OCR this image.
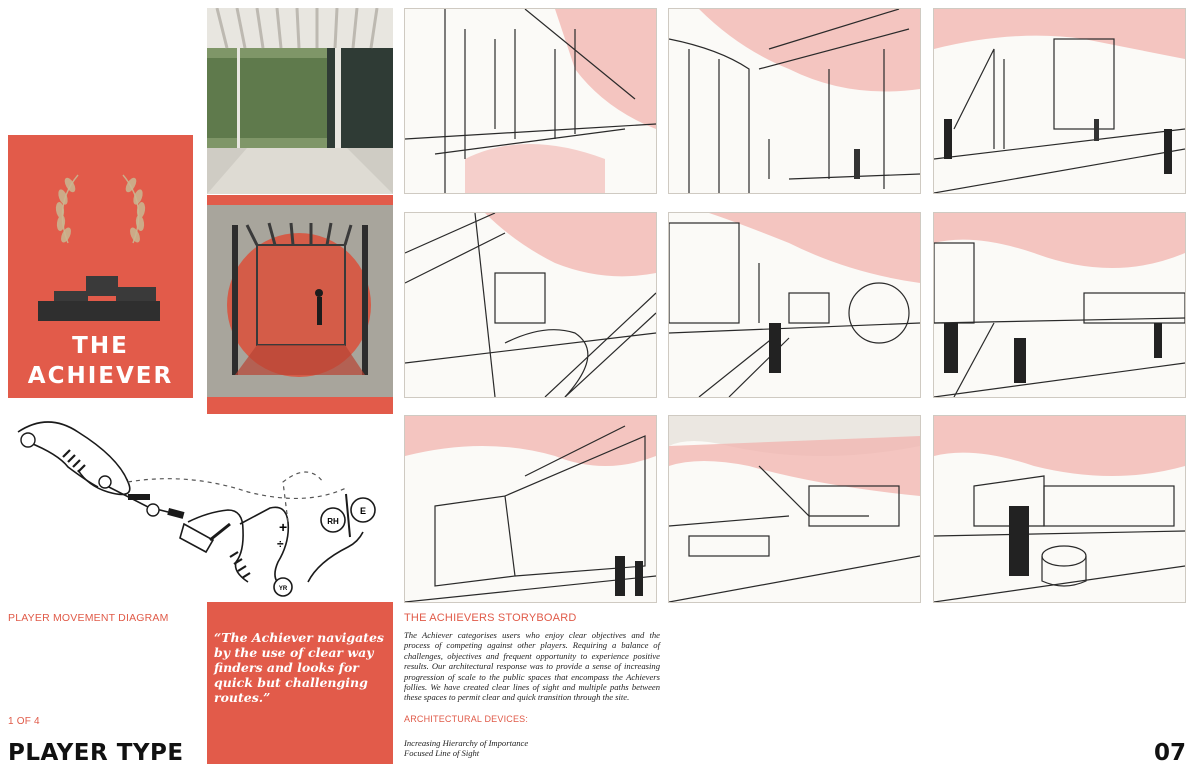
THE
ACHIEVER
RH
E
YR
+
÷
PLAYER MOVEMENT DIAGRAM
“The Achiever navigates by the use of clear way finders and looks for quick but challenging routes.”
THE ACHIEVERS STORYBOARD
The Achiever categorises users who enjoy clear objectives and the process of competing against other players. Requiring a balance of challenges, objectives and frequent opportunity to experience positive results. Our architectural response was to provide a sense of increasing progression of scale to the public spaces that encompass the Achievers follies. We have created clear lines of sight and multiple paths between these spaces to permit clear and quick transition through the site.
ARCHITECTURAL DEVICES:
Increasing Hierarchy of Importance
Focused Line of Sight
1 OF 4
PLAYER TYPE	07
